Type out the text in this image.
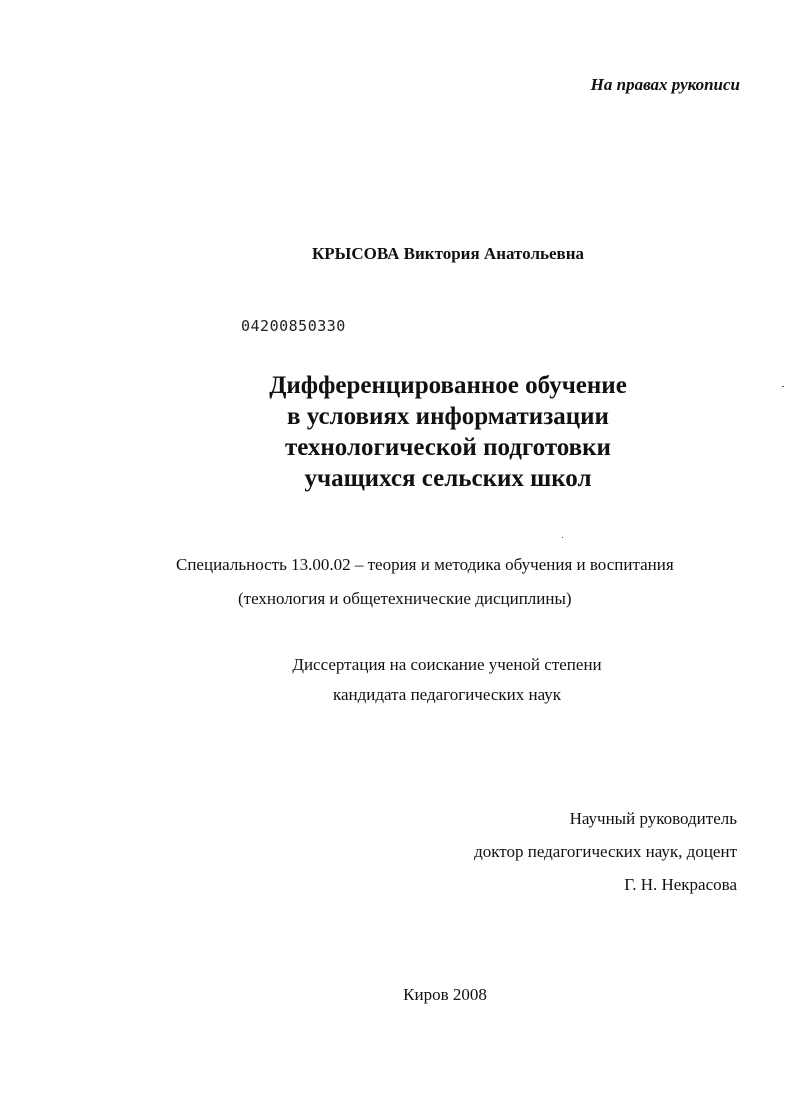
На правах рукописи
КРЫСОВА Виктория Анатольевна
04200850330
Дифференцированное обучение
в условиях информатизации
технологической подготовки
учащихся сельских школ
Специальность 13.00.02 – теория и методика обучения и воспитания
(технология и общетехнические дисциплины)
Диссертация на соискание ученой степени
кандидата педагогических наук
Научный руководитель
доктор педагогических наук, доцент
Г. Н. Некрасова
Киров 2008
